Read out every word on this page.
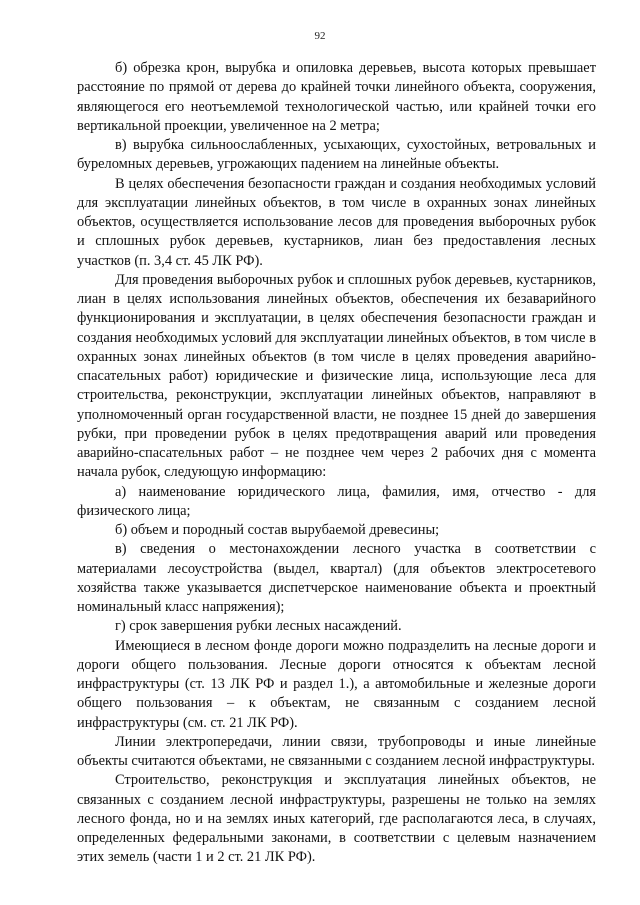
92

б) обрезка крон, вырубка и опиловка деревьев, высота которых превышает расстояние по прямой от дерева до крайней точки линейного объекта, сооружения, являющегося его неотъемлемой технологической частью, или крайней точки его вертикальной проекции, увеличенное на 2 метра;

в) вырубка сильноослабленных, усыхающих, сухостойных, ветровальных и буреломных деревьев, угрожающих падением на линейные объекты.

В целях обеспечения безопасности граждан и создания необходимых условий для эксплуатации линейных объектов, в том числе в охранных зонах линейных объектов, осуществляется использование лесов для проведения выборочных рубок и сплошных рубок деревьев, кустарников, лиан без предоставления лесных участков (п. 3,4 ст. 45 ЛК РФ).

Для проведения выборочных рубок и сплошных рубок деревьев, кустарников, лиан в целях использования линейных объектов, обеспечения их безаварийного функционирования и эксплуатации, в целях обеспечения безопасности граждан и создания необходимых условий для эксплуатации линейных объектов, в том числе в охранных зонах линейных объектов (в том числе в целях проведения аварийно-спасательных работ) юридические и физические лица, использующие леса для строительства, реконструкции, эксплуатации линейных объектов, направляют в уполномоченный орган государственной власти, не позднее 15 дней до завершения рубки, при проведении рубок в целях предотвращения аварий или проведения аварийно-спасательных работ – не позднее чем через 2 рабочих дня с момента начала рубок, следующую информацию:

а) наименование юридического лица, фамилия, имя, отчество - для физического лица;

б) объем и породный состав вырубаемой древесины;

в) сведения о местонахождении лесного участка в соответствии с материалами лесоустройства (выдел, квартал) (для объектов электросетевого хозяйства также указывается диспетчерское наименование объекта и проектный номинальный класс напряжения);

г) срок завершения рубки лесных насаждений.

Имеющиеся в лесном фонде дороги можно подразделить на лесные дороги и дороги общего пользования. Лесные дороги относятся к объектам лесной инфраструктуры (ст. 13 ЛК РФ и раздел 1.), а автомобильные и железные дороги общего пользования – к объектам, не связанным с созданием лесной инфраструктуры (см. ст. 21 ЛК РФ).

Линии электропередачи, линии связи, трубопроводы и иные линейные объекты считаются объектами, не связанными с созданием лесной инфраструктуры.

Строительство, реконструкция и эксплуатация линейных объектов, не связанных с созданием лесной инфраструктуры, разрешены не только на землях лесного фонда, но и на землях иных категорий, где располагаются леса, в случаях, определенных федеральными законами, в соответствии с целевым назначением этих земель (части 1 и 2 ст. 21 ЛК РФ).
